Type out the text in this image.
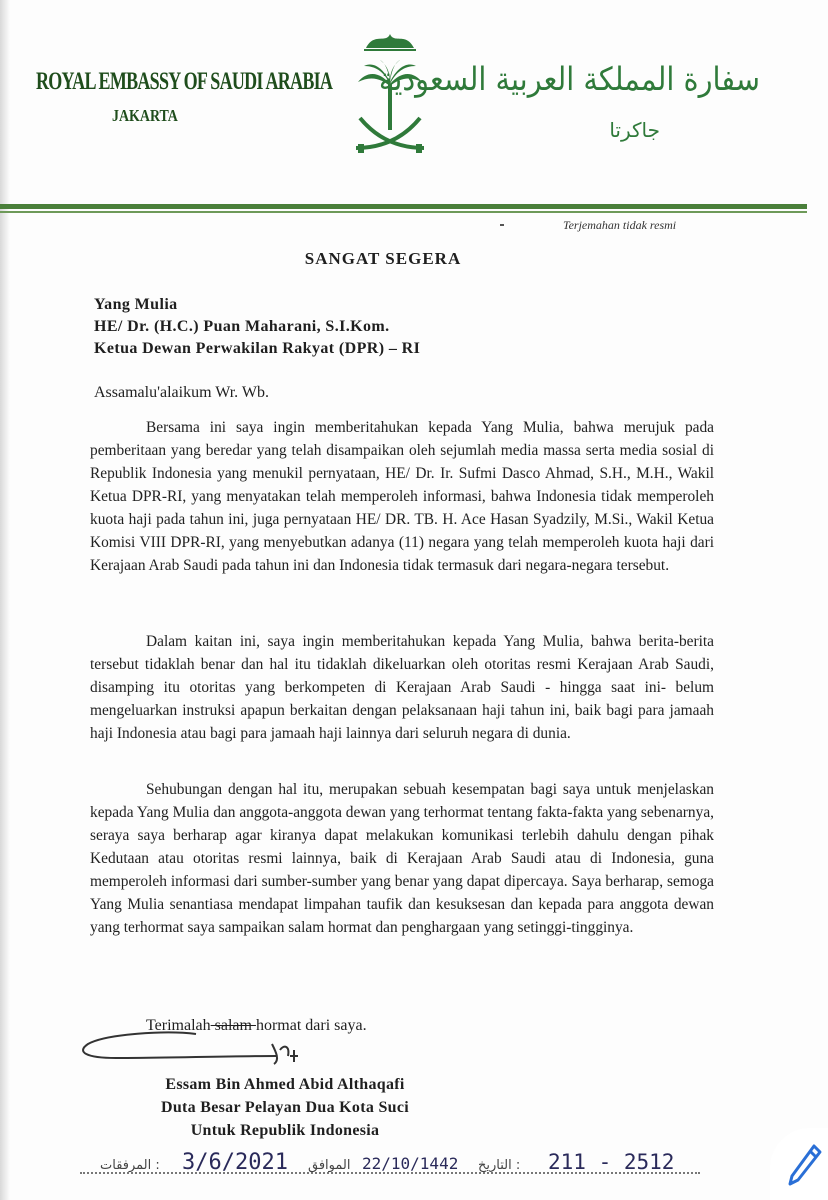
ROYAL EMBASSY OF SAUDI ARABIA
JAKARTA
سفارة المملكة العربية السعودية
جاكرتا
Terjemahan tidak resmi
SANGAT SEGERA
Yang Mulia
HE/ Dr. (H.C.) Puan Maharani, S.I.Kom.
Ketua Dewan Perwakilan Rakyat (DPR) – RI
Assamalu'alaikum Wr. Wb.

Bersama ini saya ingin memberitahukan kepada Yang Mulia, bahwa merujuk pada pemberitaan yang beredar yang telah disampaikan oleh sejumlah media massa serta media sosial di Republik Indonesia yang menukil pernyataan, HE/ Dr. Ir. Sufmi Dasco Ahmad, S.H., M.H., Wakil Ketua DPR-RI, yang menyatakan telah memperoleh informasi, bahwa Indonesia tidak memperoleh kuota haji pada tahun ini, juga pernyataan HE/ DR. TB. H. Ace Hasan Syadzily, M.Si., Wakil Ketua Komisi VIII DPR-RI, yang menyebutkan adanya (11) negara yang telah memperoleh kuota haji dari Kerajaan Arab Saudi pada tahun ini dan Indonesia tidak termasuk dari negara-negara tersebut.

Dalam kaitan ini, saya ingin memberitahukan kepada Yang Mulia, bahwa berita-berita tersebut tidaklah benar dan hal itu tidaklah dikeluarkan oleh otoritas resmi Kerajaan Arab Saudi, disamping itu otoritas yang berkompeten di Kerajaan Arab Saudi - hingga saat ini- belum mengeluarkan instruksi apapun berkaitan dengan pelaksanaan haji tahun ini, baik bagi para jamaah haji Indonesia atau bagi para jamaah haji lainnya dari seluruh negara di dunia.

Sehubungan dengan hal itu, merupakan sebuah kesempatan bagi saya untuk menjelaskan kepada Yang Mulia dan anggota-anggota dewan yang terhormat tentang fakta-fakta yang sebenarnya, seraya saya berharap agar kiranya dapat melakukan komunikasi terlebih dahulu dengan pihak Kedutaan atau otoritas resmi lainnya, baik di Kerajaan Arab Saudi atau di Indonesia, guna memperoleh informasi dari sumber-sumber yang benar yang dapat dipercaya. Saya berharap, semoga Yang Mulia senantiasa mendapat limpahan taufik dan kesuksesan dan kepada para anggota dewan yang terhormat saya sampaikan salam hormat dan penghargaan yang setinggi-tingginya.

Terimalah salam hormat dari saya.
Essam Bin Ahmed Abid Althaqafi
Duta Besar Pelayan Dua Kota Suci
Untuk Republik Indonesia
المرفقات : 3/6/2021 الموافق 22/10/1442 التاريخ : 211 - 2512
